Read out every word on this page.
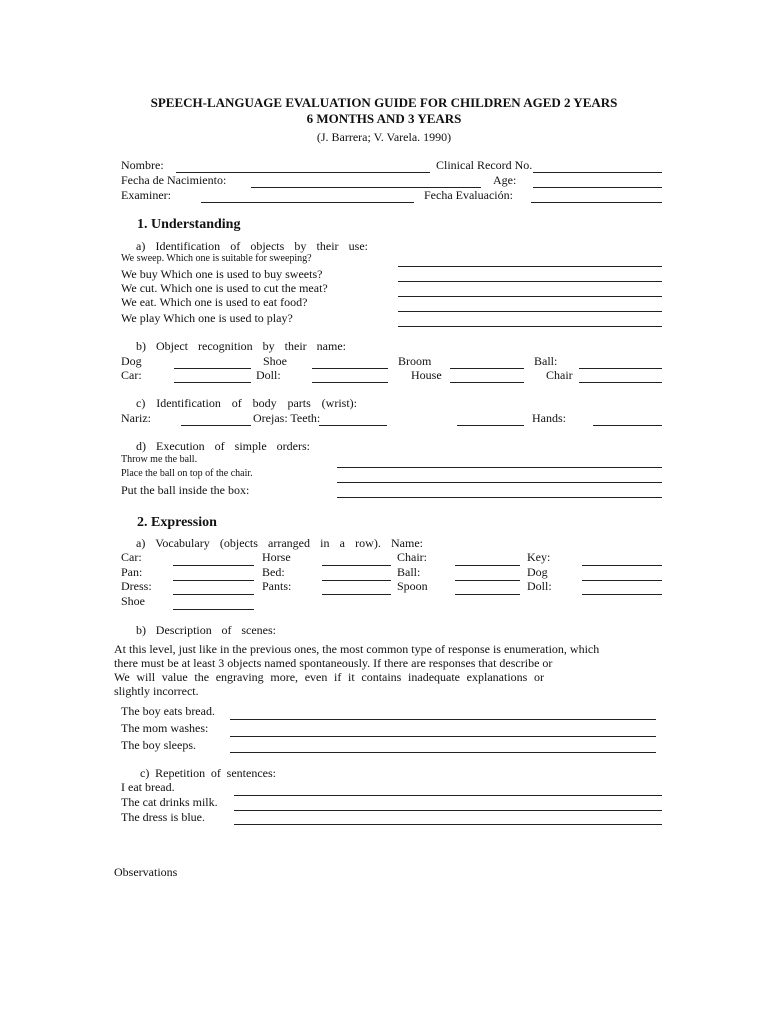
SPEECH-LANGUAGE EVALUATION GUIDE FOR CHILDREN AGED 2 YEARS
6 MONTHS AND 3 YEARS
(J. Barrera; V. Varela. 1990)
Nombre:	Clinical Record No.
Fecha de Nacimiento:	Age:
Examiner:	Fecha Evaluación:
1. Understanding
a) Identification of objects by their use:
We sweep. Which one is suitable for sweeping?
We buy Which one is used to buy sweets?
We cut. Which one is used to cut the meat?
We eat. Which one is used to eat food?
We play Which one is used to play?
b) Object recognition by their name:
Dog	Shoe	Broom	Ball:
Car:	Doll:	House	Chair
c) Identification of body parts (wrist):
Nariz:	Orejas: Teeth:	Hands:
d) Execution of simple orders:
Throw me the ball.
Place the ball on top of the chair.
Put the ball inside the box:
2. Expression
a) Vocabulary (objects arranged in a row). Name:
Car:	Horse	Chair:	Key:
Pan:	Bed:	Ball:	Dog
Dress:	Pants:	Spoon	Doll:
Shoe
b) Description of scenes:
At this level, just like in the previous ones, the most common type of response is enumeration, which
there must be at least 3 objects named spontaneously. If there are responses that describe or
We will value the engraving more, even if it contains inadequate explanations or
slightly incorrect.
The boy eats bread.
The mom washes:
The boy sleeps.
c) Repetition of sentences:
I eat bread.
The cat drinks milk.
The dress is blue.
Observations
